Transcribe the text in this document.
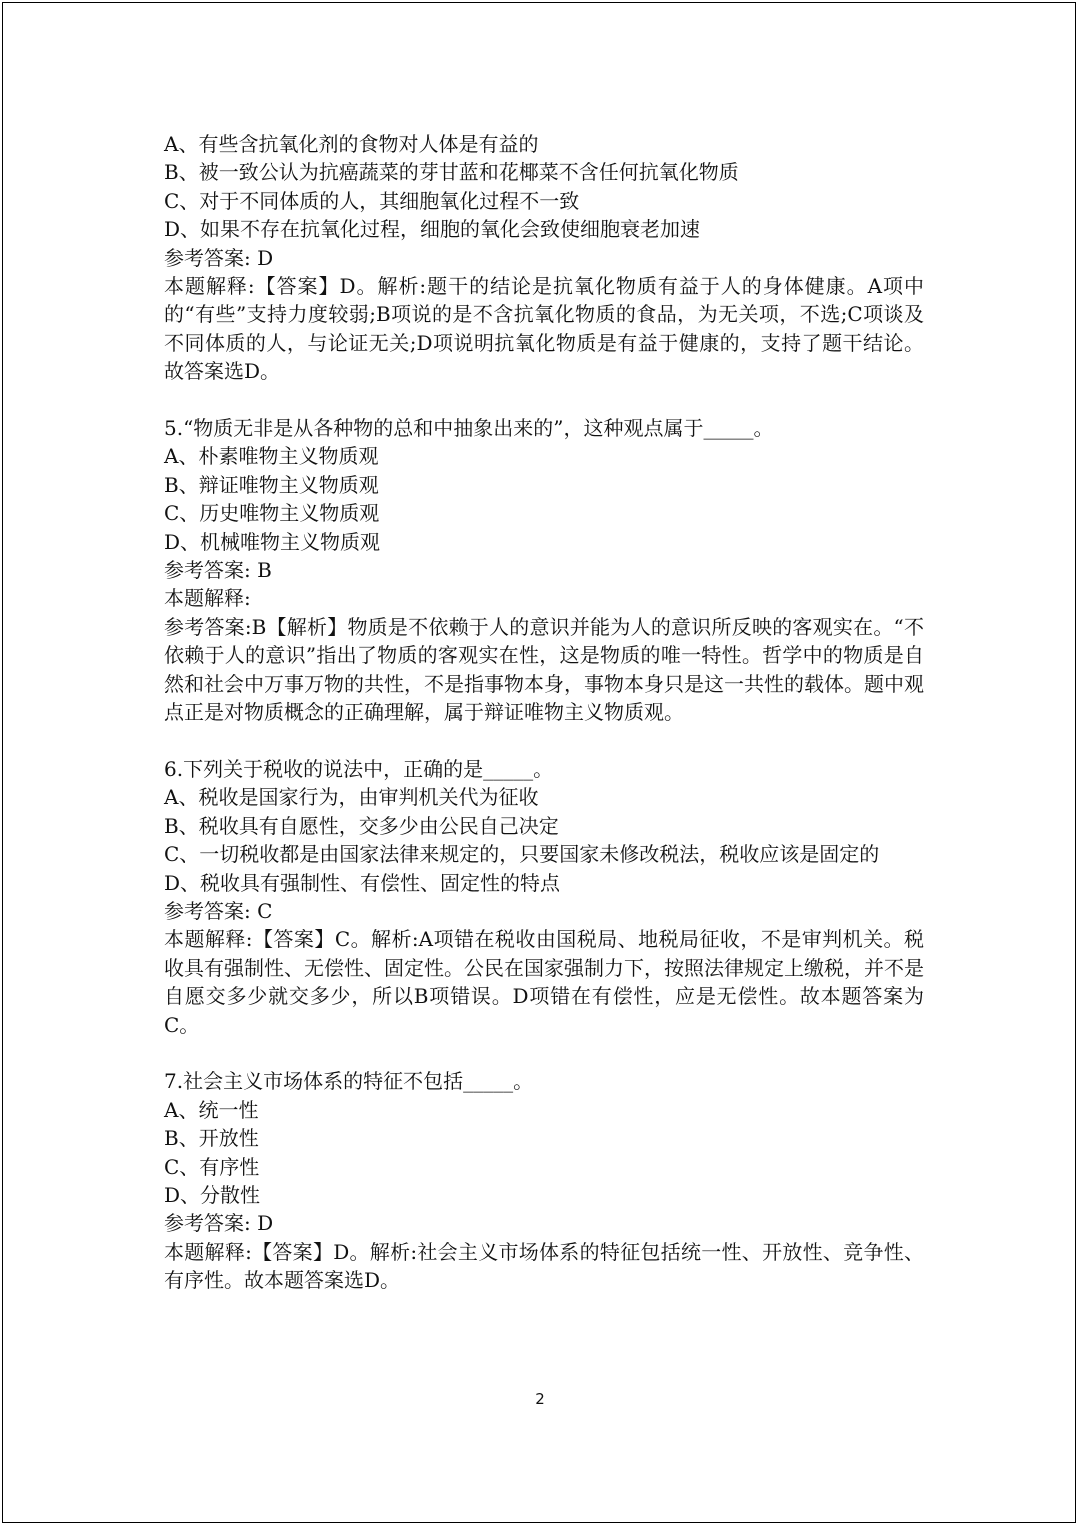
A、有些含抗氧化剂的食物对人体是有益的
B、被一致公认为抗癌蔬菜的芽甘蓝和花椰菜不含任何抗氧化物质
C、对于不同体质的人，其细胞氧化过程不一致
D、如果不存在抗氧化过程，细胞的氧化会致使细胞衰老加速
参考答案: D
本题解释:【答案】D。解析:题干的结论是抗氧化物质有益于人的身体健康。A项中的“有些”支持力度较弱;B项说的是不含抗氧化物质的食品，为无关项，不选;C项谈及不同体质的人，与论证无关;D项说明抗氧化物质是有益于健康的，支持了题干结论。故答案选D。
5.“物质无非是从各种物的总和中抽象出来的”，这种观点属于_____。
A、朴素唯物主义物质观
B、辩证唯物主义物质观
C、历史唯物主义物质观
D、机械唯物主义物质观
参考答案: B
本题解释:
参考答案:B【解析】物质是不依赖于人的意识并能为人的意识所反映的客观实在。“不依赖于人的意识”指出了物质的客观实在性，这是物质的唯一特性。哲学中的物质是自然和社会中万事万物的共性，不是指事物本身，事物本身只是这一共性的载体。题中观点正是对物质概念的正确理解，属于辩证唯物主义物质观。
6.下列关于税收的说法中，正确的是_____。
A、税收是国家行为，由审判机关代为征收
B、税收具有自愿性，交多少由公民自己决定
C、一切税收都是由国家法律来规定的，只要国家未修改税法，税收应该是固定的
D、税收具有强制性、有偿性、固定性的特点
参考答案: C
本题解释:【答案】C。解析:A项错在税收由国税局、地税局征收，不是审判机关。税收具有强制性、无偿性、固定性。公民在国家强制力下，按照法律规定上缴税，并不是自愿交多少就交多少，所以B项错误。D项错在有偿性，应是无偿性。故本题答案为C。
7.社会主义市场体系的特征不包括_____。
A、统一性
B、开放性
C、有序性
D、分散性
参考答案: D
本题解释:【答案】D。解析:社会主义市场体系的特征包括统一性、开放性、竞争性、有序性。故本题答案选D。
2
